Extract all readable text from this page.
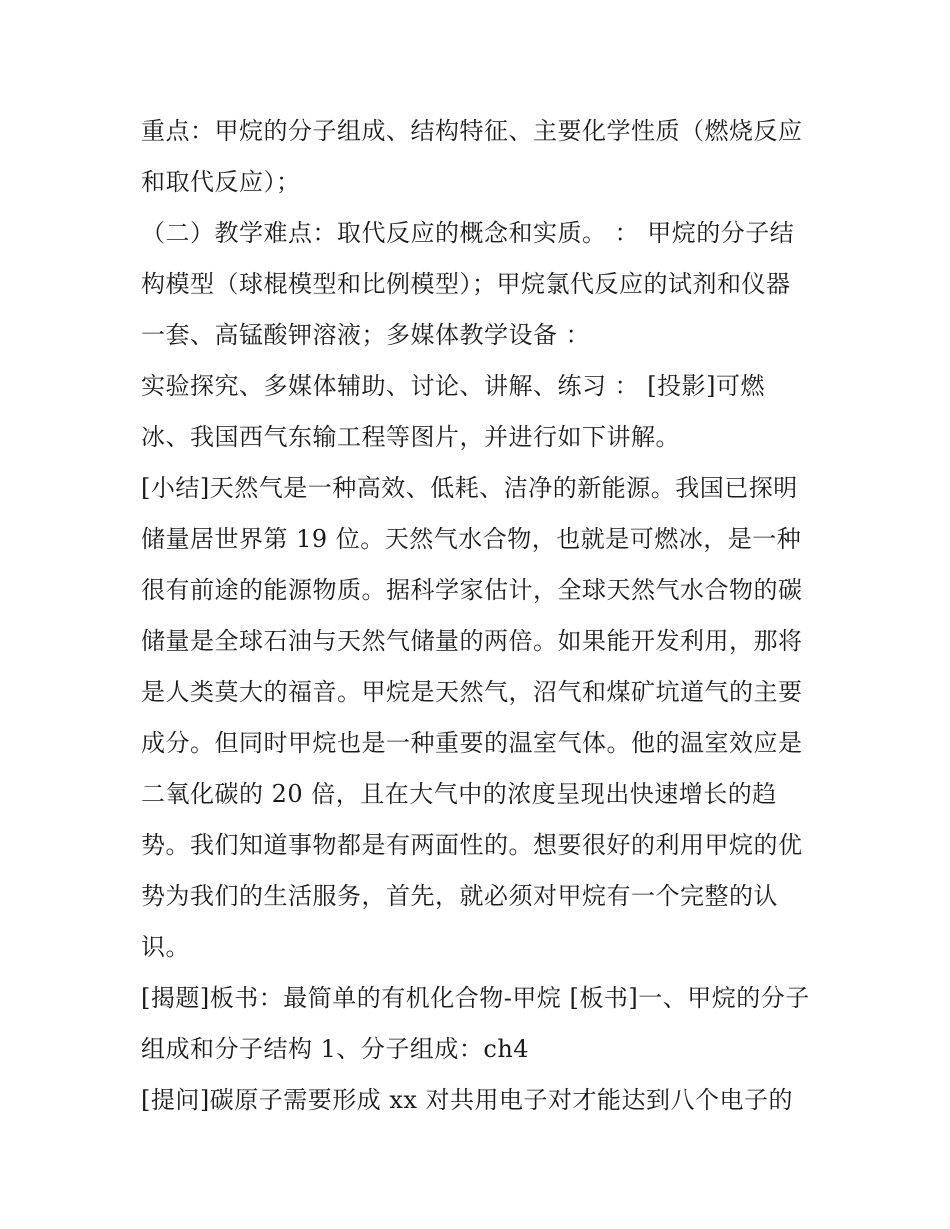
重点：甲烷的分子组成、结构特征、主要化学性质（燃烧反应
和取代反应）；
（二）教学难点：取代反应的概念和实质。 ： 甲烷的分子结
构模型（球棍模型和比例模型）；甲烷氯代反应的试剂和仪器
一套、高锰酸钾溶液；多媒体教学设备 ：
实验探究、多媒体辅助、讨论、讲解、练习 ： [投影]可燃
冰、我国西气东输工程等图片，并进行如下讲解。
[小结]天然气是一种高效、低耗、洁净的新能源。我国已探明
储量居世界第 19 位。天然气水合物，也就是可燃冰，是一种
很有前途的能源物质。据科学家估计，全球天然气水合物的碳
储量是全球石油与天然气储量的两倍。如果能开发利用，那将
是人类莫大的福音。甲烷是天然气，沼气和煤矿坑道气的主要
成分。但同时甲烷也是一种重要的温室气体。他的温室效应是
二氧化碳的 20 倍，且在大气中的浓度呈现出快速增长的趋
势。我们知道事物都是有两面性的。想要很好的利用甲烷的优
势为我们的生活服务，首先，就必须对甲烷有一个完整的认
识。
[揭题]板书：最简单的有机化合物-甲烷 [板书]一、甲烷的分子
组成和分子结构 1、分子组成：ch4
[提问]碳原子需要形成 xx 对共用电子对才能达到八个电子的
